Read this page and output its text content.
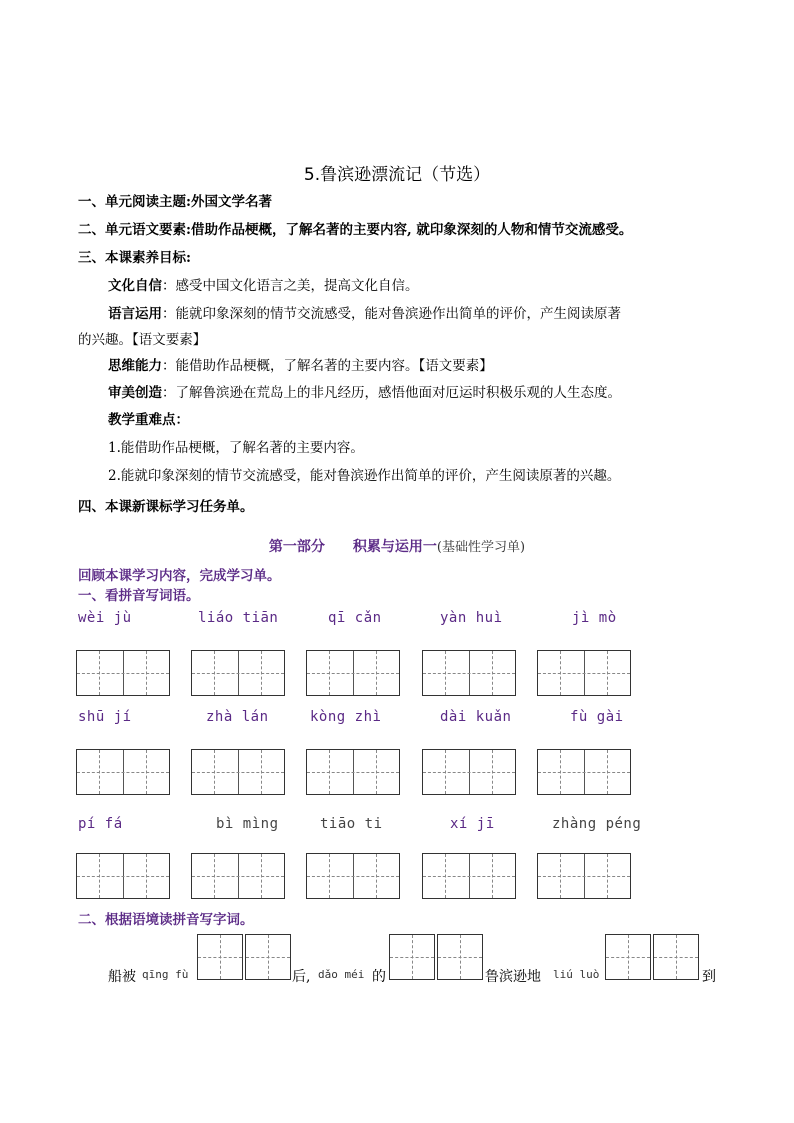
5.鲁滨逊漂流记（节选）
一、单元阅读主题:外国文学名著
二、单元语文要素:借助作品梗概，了解名著的主要内容, 就印象深刻的人物和情节交流感受。
三、本课素养目标:
文化自信：感受中国文化语言之美，提高文化自信。
语言运用：能就印象深刻的情节交流感受，能对鲁滨逊作出简单的评价，产生阅读原著
的兴趣。【语文要素】
思维能力：能借助作品梗概，了解名著的主要内容。【语文要素】
审美创造：了解鲁滨逊在荒岛上的非凡经历，感悟他面对厄运时积极乐观的人生态度。
教学重难点：
1.能借助作品梗概，了解名著的主要内容。
2.能就印象深刻的情节交流感受，能对鲁滨逊作出简单的评价，产生阅读原著的兴趣。
四、本课新课标学习任务单。
第一部分 积累与运用一(基础性学习单)
回顾本课学习内容，完成学习单。
一、看拼音写词语。
wèi jù	liáo tiān	qī cǎn	yàn huì	jì mò
shū jí	zhà lán	kòng zhì	dài kuǎn	fù gài
pí fá	bì mìng	tiāo ti	xí jī	zhàng péng
二、根据语境读拼音写字词。
船被 qīng fù	后, dǎo méi 的	鲁滨逊地 liú luò	到
